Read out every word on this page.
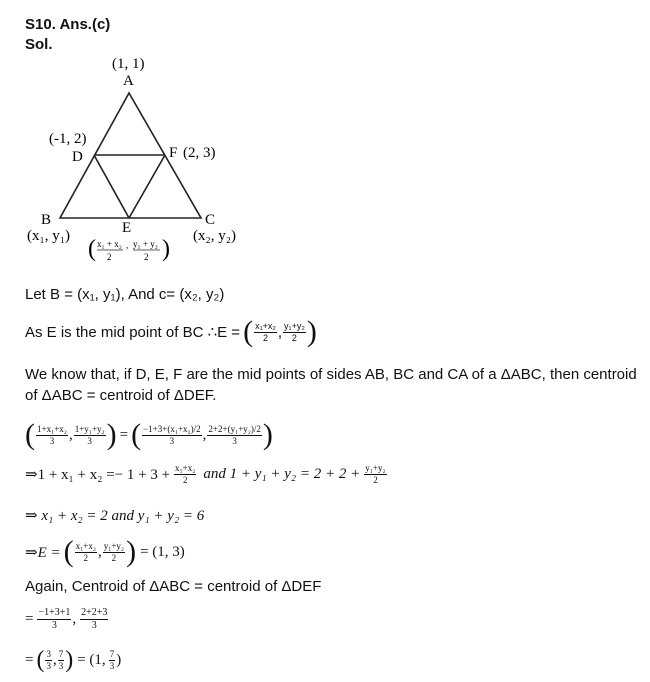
S10. Ans.(c)
Sol.
(1, 1)
A
(-1, 2)
D	F (2, 3)
B
(x₁, y₁)	E
( x₁ + x₂ , y₁ + y₂
2	2 )
C
(x₂, y₂)
Let B = (x₁, y₁), And c= (x₂, y₂)
As E is the mid point of BC ∴E = ( x₁+x₂
2 , y₁+y₂
2 )
We know that, if D, E, F are the mid points of sides AB, BC and CA of a ΔABC, then centroid
of ΔABC = centroid of ΔDEF.
( 1+x₁+x₂
3 , 1+y₁+y₂
3 ) = ( −1+3+(x₁+x₂)/2
3 , 2+2+(y₁+y₂)/2
3 )
⇒1 + $x_1 + x_2 =- 1 + 3 + \frac{\text{x₁+x₂}}{2}$ and $1 + y_1 + y_2 = 2 + 2 + \frac{\text{y₁+y₂}}{2}$
⇒ x₁ + x₂ = 2 and y₁ + y₂ = 6
⇒E = ( x₁+x₂
2 , y₁+y₂
2 ) = (1, 3)
Again, Centroid of ΔABC = centroid of ΔDEF
= $\frac{-1+3+1}{3}$ , 2+2+3
3
= ( 3
3 , 7
3 ) = (1, 7
3 )
